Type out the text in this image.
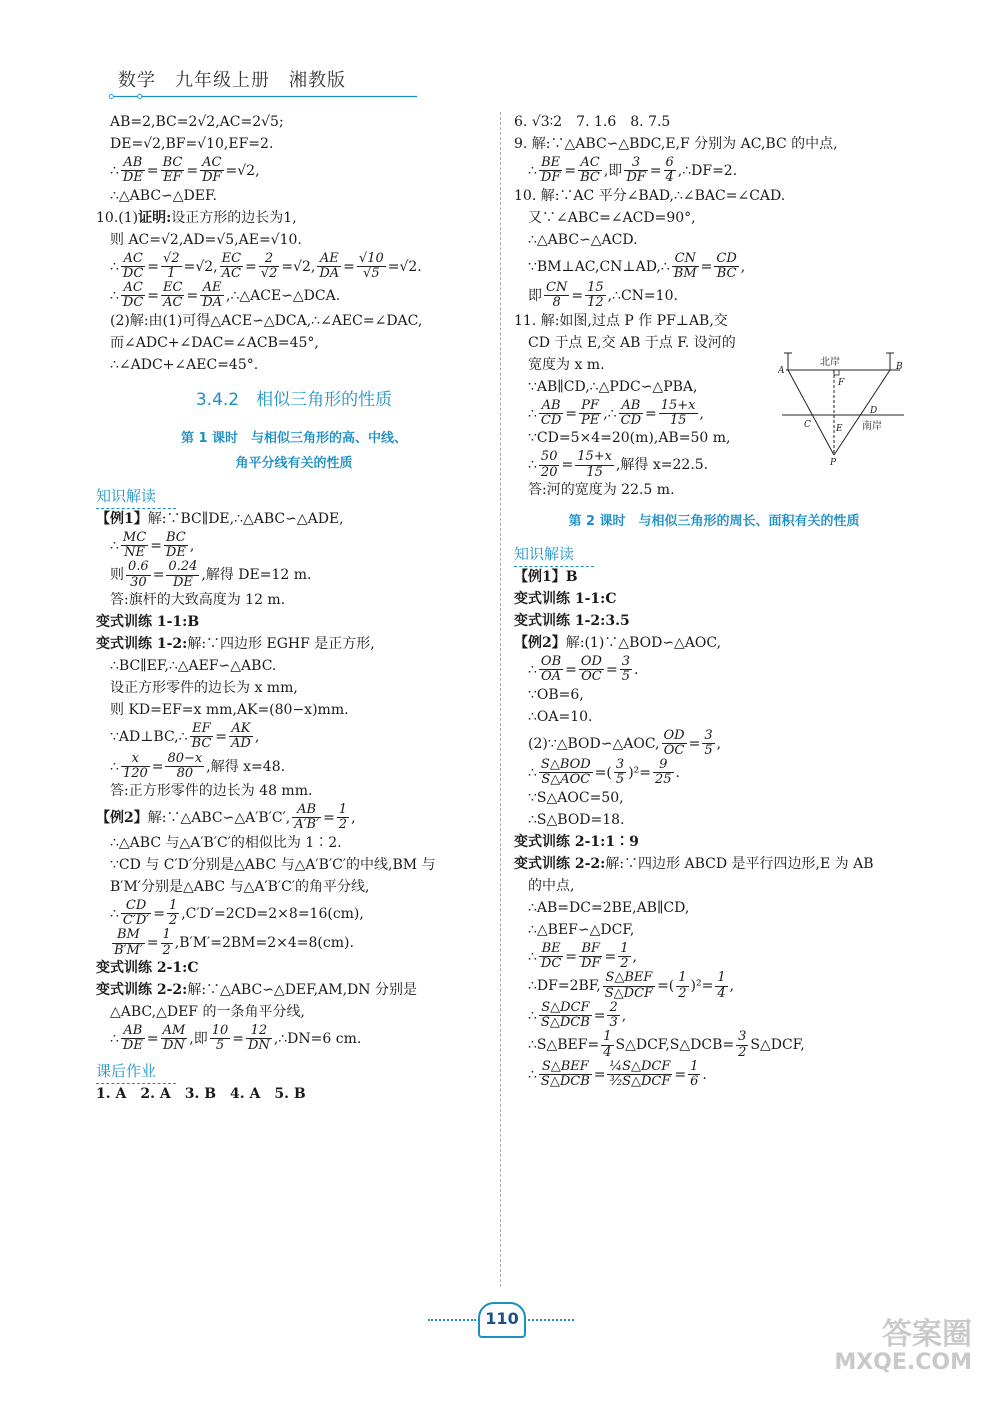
数学　九年级上册　湘教版

AB=2,BC=2√2,AC=2√5;

DE=√2,BF=√10,EF=2.

∴ $\frac{AB}{DE} = \frac{BC}{EF} = \frac{AC}{DF} =√2$,

∴△ABC∽△DEF.

10.(1)证明:设正方形的边长为1,

则 AC=√2,AD=√5,AE=√10.

∴ $\frac{AC}{DC} = \frac{√2}{1} =√2$, $\frac{EC}{AC} = \frac{2}{√2} =√2$, $\frac{AE}{DA} = \frac{√10}{√5} =√2$.

∴ $\frac{AC}{DC} = \frac{EC}{AC} = \frac{AE}{DA}$ ,∴△ACE∽△DCA.

(2)解:由(1)可得△ACE∽△DCA,∴∠AEC=∠DAC,

而∠ADC+∠DAC=∠ACB=45°,

∴∠ADC+∠AEC=45°.

3.4.2　相似三角形的性质
第 1 课时　与相似三角形的高、中线、
角平分线有关的性质
知识解读

【例1】解:∵BC∥DE,∴△ABC∽△ADE,

∴ $\frac{MC}{NE} = \frac{BC}{DE}$ ,

则 $\frac{0.6}{30} = \frac{0.24}{DE}$ ,解得 DE=12 m.

答:旗杆的大致高度为 12 m.

变式训练 1-1:B

变式训练 1-2:解:∵四边形 EGHF 是正方形,

∴BC∥EF,∴△AEF∽△ABC.

设正方形零件的边长为 x mm,

则 KD=EF=x mm,AK=(80−x)mm.

∵AD⊥BC,∴ $\frac{EF}{BC} = \frac{AK}{AD}$ ,

∴ $\frac{x}{120} = \frac{80-x}{80}$ ,解得 x=48.

答:正方形零件的边长为 48 mm.

【例2】解:∵△ABC∽△A′B′C′, $\frac{AB}{A'B'} = \frac{1}{2}$ ,

∴△ABC 与△A′B′C′的相似比为 1∶2.

∵CD 与 C′D′分别是△ABC 与△A′B′C′的中线,BM 与

B′M′分别是△ABC 与△A′B′C′的角平分线,

∴ $\frac{CD}{C'D'} = \frac{1}{2} ,C'D'=2CD=2\times 8=16(cm)$,

$\frac{BM}{B'M'} = \frac{1}{2} ,B'M'=2BM=2\times 4=8(cm)$.

变式训练 2-1:C

变式训练 2-2:解:∵△ABC∽△DEF,AM,DN 分别是

△ABC,△DEF 的一条角平分线,

∴ $\frac{AB}{DE} = \frac{AM}{DN}$ ,即 $\frac{10}{5} = \frac{12}{DN}$ ,∴DN=6 cm.

课后作业

1. A　2. A　3. B　4. A　5. B

6. √3∶2　7. 1.6　8. 7.5

9. 解:∵△ABC∽△BDC,E,F 分别为 AC,BC 的中点,

∴ $\frac{BE}{DF} = \frac{AC}{BC}$ ,即 $\frac{3}{DF} = \frac{6}{4}$ ,∴DF=2.

10. 解:∵AC 平分∠BAD,∴∠BAC=∠CAD.

又∵∠ABC=∠ACD=90°,

∴△ABC∽△ACD.

∵BM⊥AC,CN⊥AD,∴ $\frac{CN}{BM} = \frac{CD}{BC}$ ,

即 $\frac{CN}{8} = \frac{15}{12}$ ,∴CN=10.

11. 解:如图,过点 P 作 PF⊥AB,交

CD 于点 E,交 AB 于点 F. 设河的

宽度为 x m.

∵AB∥CD,∴△PDC∽△PBA,

∴ $\frac{AB}{CD} = \frac{PF}{PE}$ ,∴ $\frac{AB}{CD} = \frac{15+x}{15}$ ,

∵CD=5×4=20(m),AB=50 m,

∴ $\frac{50}{20} = \frac{15+x}{15}$ ,解得 x=22.5.

答:河的宽度为 22.5 m.

第 2 课时　与相似三角形的周长、面积有关的性质
知识解读

【例1】B

变式训练 1-1:C

变式训练 1-2:3.5

【例2】解:(1)∵△BOD∽△AOC,

∴ $\frac{OB}{OA} = \frac{OD}{OC} = \frac{3}{5}$ .

∵OB=6,

∴OA=10.

(2)∵△BOD∽△AOC, $\frac{OD}{OC} = \frac{3}{5}$ ,

∴ $\frac{\text{S△BOD}}{\text{S△AOC}}$ =( $\frac{3}{5} )^2= \frac{9}{25}$ .

∵S△AOC=50,

∴S△BOD=18.

变式训练 2-1:1∶9

变式训练 2-2:解:∵四边形 ABCD 是平行四边形,E 为 AB

的中点,

∴AB=DC=2BE,AB∥CD,

∴△BEF∽△DCF,

∴ $\frac{BE}{DC} = \frac{BF}{DF} = \frac{1}{2}$ ,

∴DF=2BF, $\frac{\text{S△BEF}}{\text{S△DCF}}$ =( $\frac{1}{2} )^2= \frac{1}{4}$ ,

∴ $\frac{\text{S△DCF}}{\text{S△DCB}} = \frac{2}{3}$ ,

∴S△BEF= $\frac{1}{4}$ S△DCF,S△DCB= $\frac{3}{2}$ S△DCF,

∴ $\frac{\text{S△BEF}}{\text{S△DCB}} = \frac{\text{¼S△DCF}}{\text{³⁄₂S△DCF}} = \frac{1}{6}$ .

北岸
南岸
A	B
C
D
E
F
P
110	答案圈
MXQE.COM
